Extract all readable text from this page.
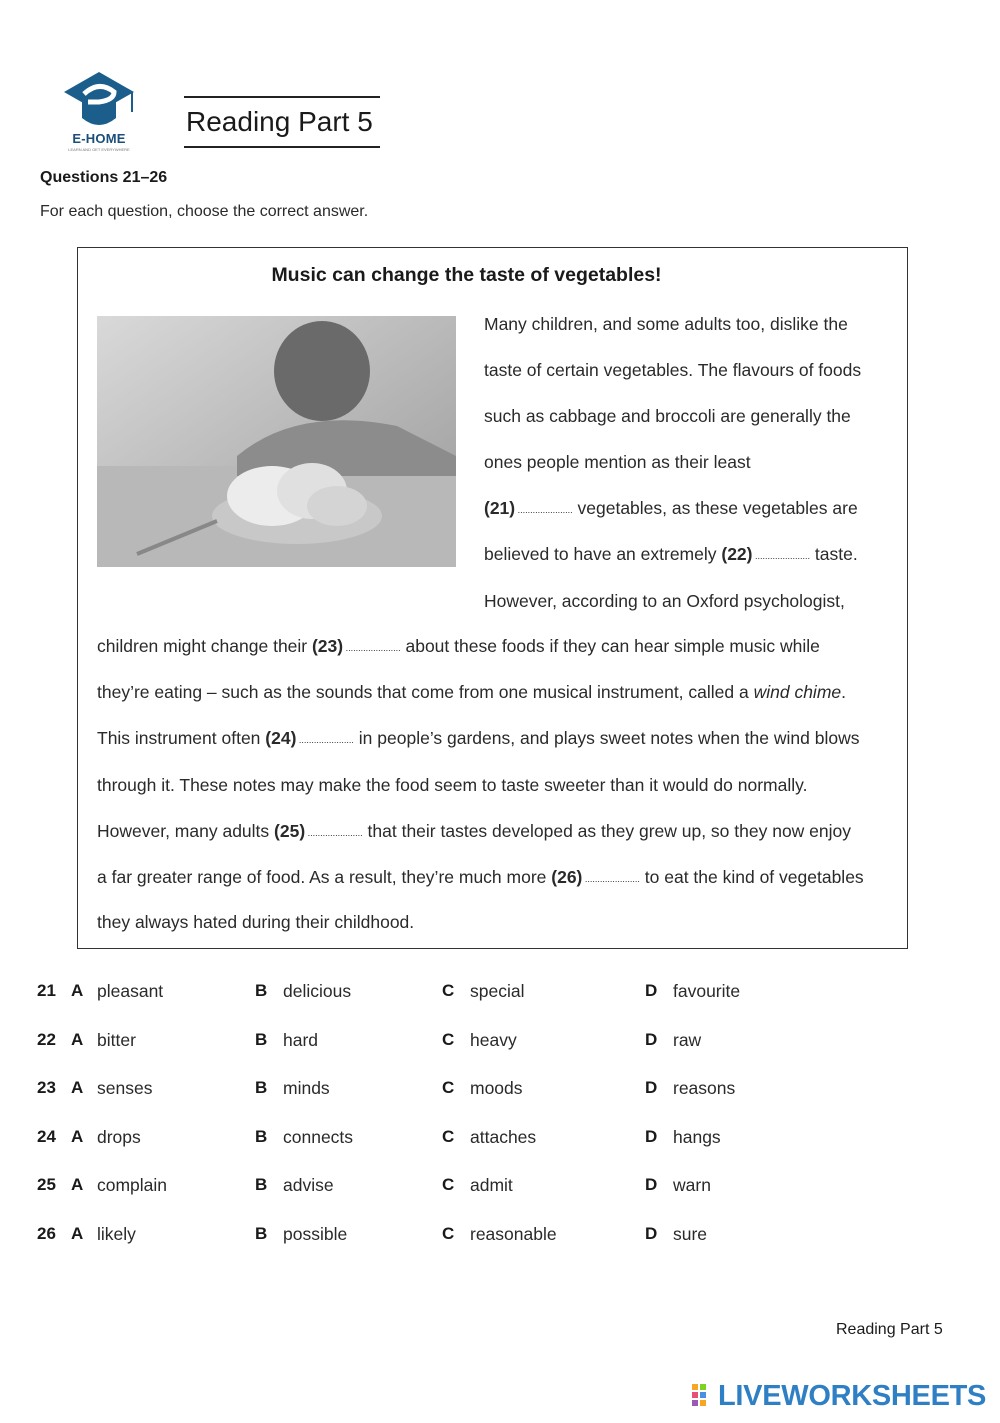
E-HOME
LEARN AND GET EVERYWHERE
Reading Part 5
Questions 21–26
For each question, choose the correct answer.
Music can change the taste of vegetables!
Many children, and some adults too, dislike the
taste of certain vegetables. The flavours of foods
such as cabbage and broccoli are generally the
ones people mention as their least
(21) ...................... vegetables, as these vegetables are
believed to have an extremely (22) ...................... taste.
However, according to an Oxford psychologist,
children might change their (23) ...................... about these foods if they can hear simple music while
they’re eating – such as the sounds that come from one musical instrument, called a wind chime.
This instrument often (24) ...................... in people’s gardens, and plays sweet notes when the wind blows
through it. These notes may make the food seem to taste sweeter than it would do normally.
However, many adults (25) ...................... that their tastes developed as they grew up, so they now enjoy
a far greater range of food. As a result, they’re much more (26) ...................... to eat the kind of vegetables
they always hated during their childhood.
21 A pleasant	B delicious	C special	D favourite
22 A bitter	B hard	C heavy	D raw
23 A senses	B minds	C moods	D reasons
24 A drops	B connects	C attaches	D hangs
25 A complain	B advise	C admit	D warn
26 A likely	B possible	C reasonable	D sure
Reading Part 5
LIVEWORKSHEETS
